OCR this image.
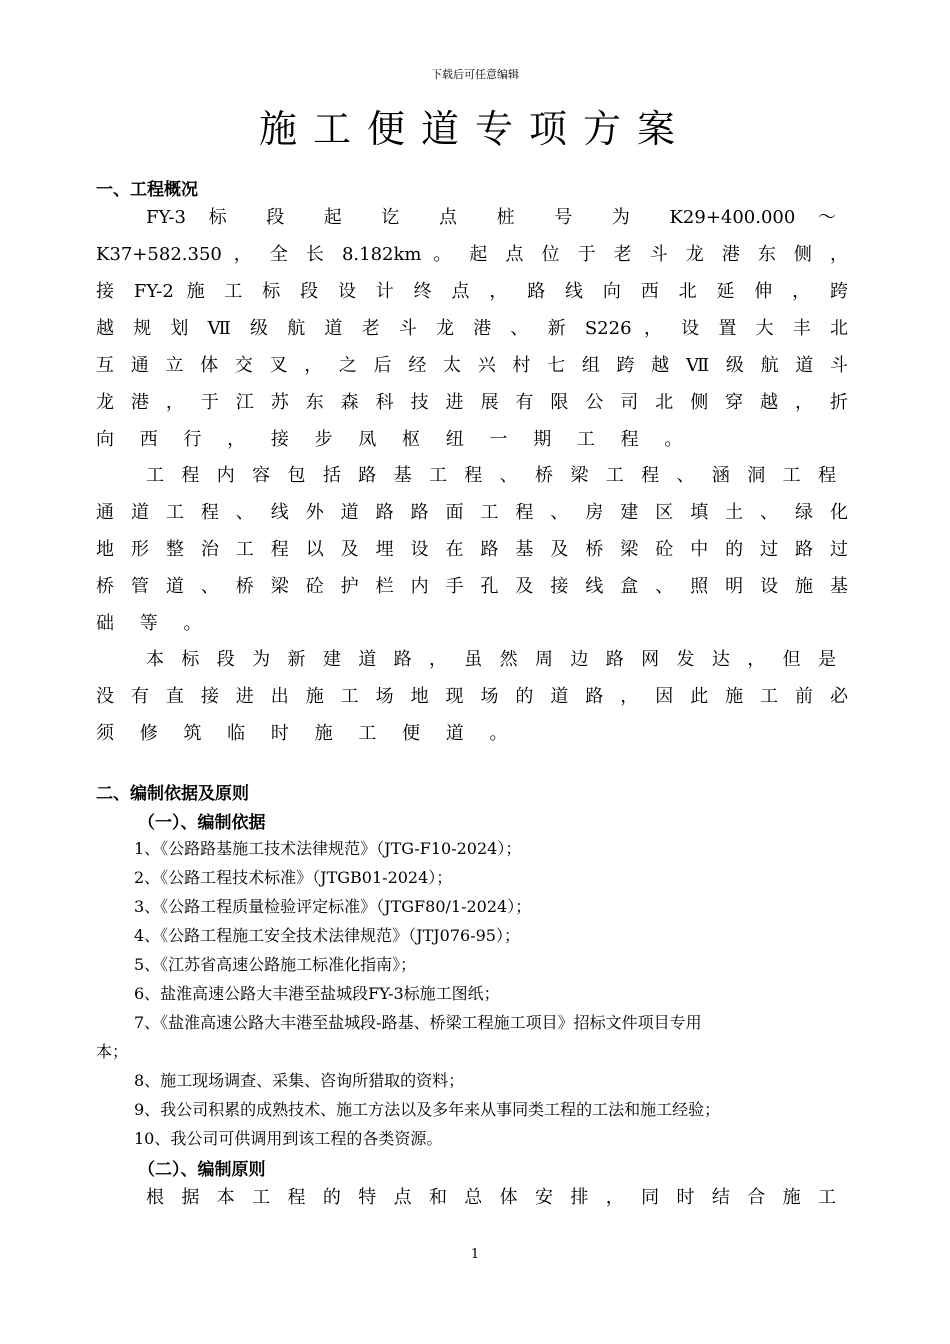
下载后可任意编辑
施工便道专项方案
一、工程概况
FY-3 标 段 起 讫 点 桩 号 为 K29+400.000 ～
K37+582.350 ， 全 长 8.182km 。 起 点 位 于 老 斗 龙 港 东 侧 ，
接 FY-2 施 工 标 段 设 计 终 点 ， 路 线 向 西 北 延 伸 ， 跨
越 规 划 Ⅶ 级 航 道 老 斗 龙 港 、 新 S226 ， 设 置 大 丰 北
互 通 立 体 交 叉 ， 之 后 经 太 兴 村 七 组 跨 越 Ⅶ 级 航 道 斗
龙 港 ， 于 江 苏 东 森 科 技 进 展 有 限 公 司 北 侧 穿 越 ， 折
向 西 行 ， 接 步 凤 枢 纽 一 期 工 程 。
工 程 内 容 包 括 路 基 工 程 、 桥 梁 工 程 、 涵 洞 工 程
通 道 工 程 、 线 外 道 路 路 面 工 程 、 房 建 区 填 土 、 绿 化
地 形 整 治 工 程 以 及 埋 设 在 路 基 及 桥 梁 砼 中 的 过 路 过
桥 管 道 、 桥 梁 砼 护 栏 内 手 孔 及 接 线 盒 、 照 明 设 施 基
础 等 。
本 标 段 为 新 建 道 路 ， 虽 然 周 边 路 网 发 达 ， 但 是
没 有 直 接 进 出 施 工 场 地 现 场 的 道 路 ， 因 此 施 工 前 必
须 修 筑 临 时 施 工 便 道 。
二、编制依据及原则
（一）、编制依据
1、《公路路基施工技术法律规范》（JTG-F10-2024）；
2、《公路工程技术标准》（JTGB01-2024）；
3、《公路工程质量检验评定标准》（JTGF80/1-2024）；
4、《公路工程施工安全技术法律规范》（JTJ076-95）；
5、《江苏省高速公路施工标准化指南》；
6、盐淮高速公路大丰港至盐城段FY-3标施工图纸；
7、《盐淮高速公路大丰港至盐城段-路基、桥梁工程施工项目》招标文件项目专用
本；
8、施工现场调查、采集、咨询所猎取的资料；
9、我公司积累的成熟技术、施工方法以及多年来从事同类工程的工法和施工经验；
10、我公司可供调用到该工程的各类资源。
（二）、编制原则
根 据 本 工 程 的 特 点 和 总 体 安 排 ， 同 时 结 合 施 工
1
